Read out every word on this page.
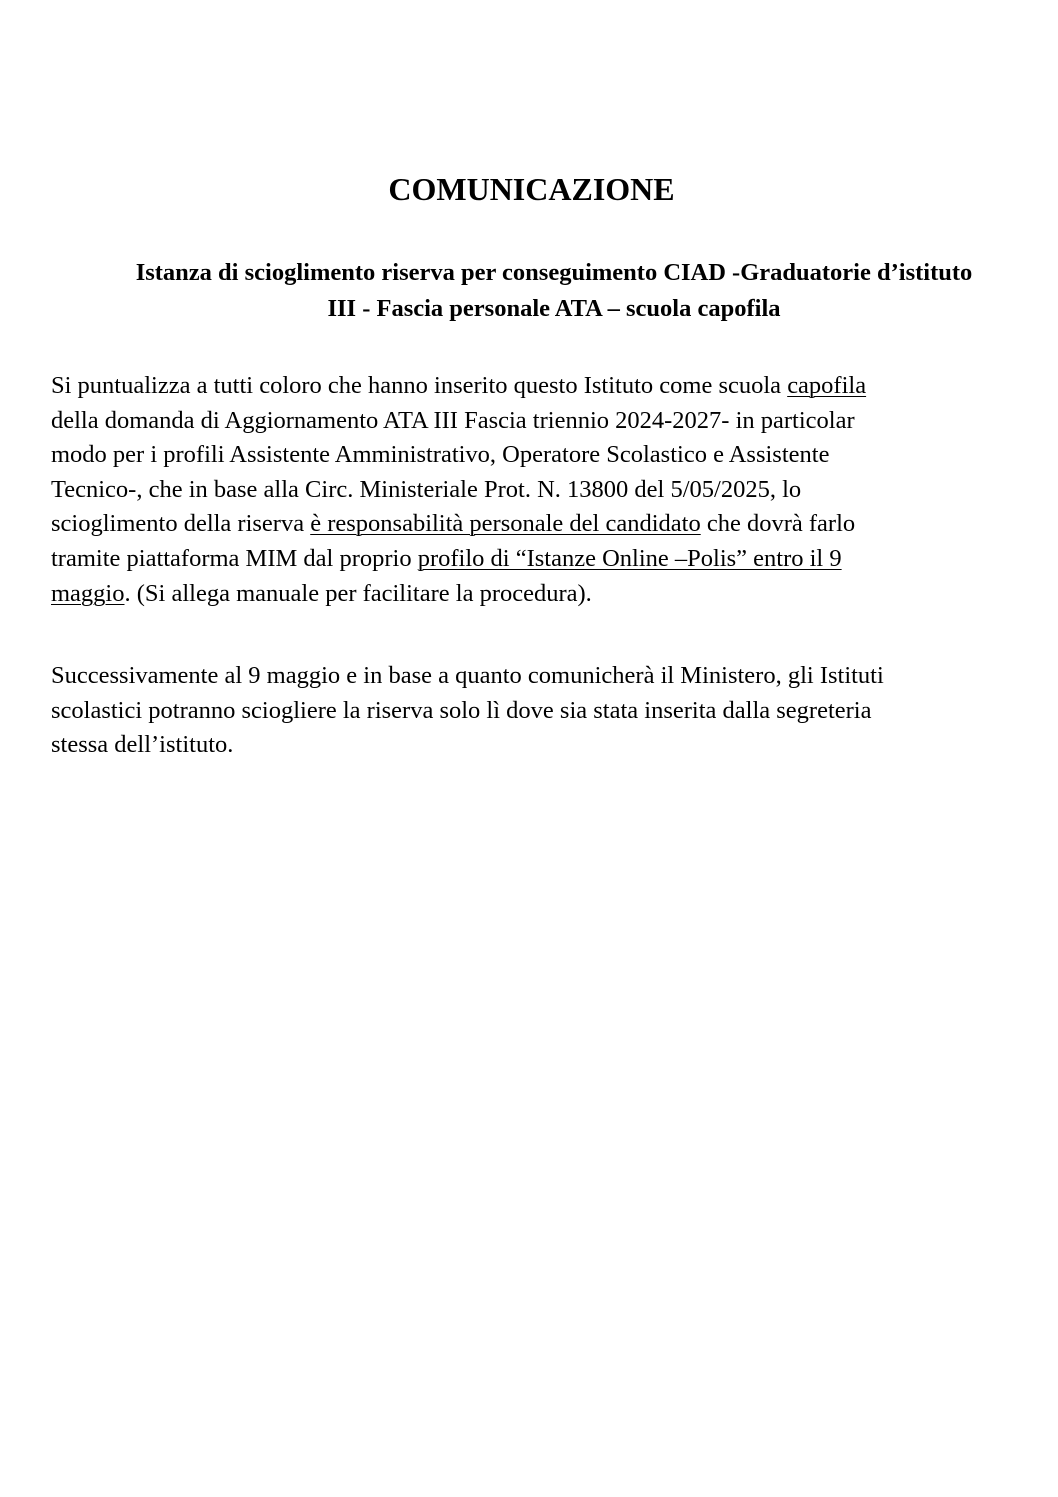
COMUNICAZIONE
Istanza di scioglimento riserva per conseguimento CIAD -Graduatorie d’istituto
III - Fascia personale ATA – scuola capofila

Si puntualizza a tutti coloro che hanno inserito questo Istituto come scuola capofila
della domanda di Aggiornamento ATA III Fascia triennio 2024-2027- in particolar
modo per i profili Assistente Amministrativo, Operatore Scolastico e Assistente
Tecnico-, che in base alla Circ. Ministeriale Prot. N. 13800 del 5/05/2025, lo
scioglimento della riserva è responsabilità personale del candidato che dovrà farlo
tramite piattaforma MIM dal proprio profilo di “Istanze Online –Polis” entro il 9
maggio. (Si allega manuale per facilitare la procedura).

Successivamente al 9 maggio e in base a quanto comunicherà il Ministero, gli Istituti
scolastici potranno sciogliere la riserva solo lì dove sia stata inserita dalla segreteria
stessa dell’istituto.
